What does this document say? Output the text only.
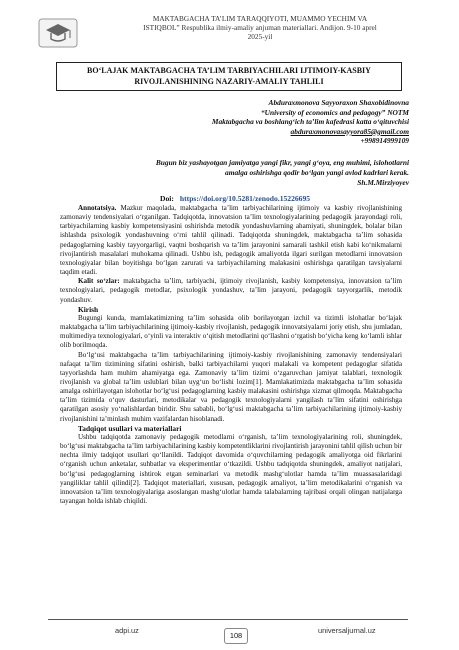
MAKTABGACHA TA’LIM TARAQQIYOTI, MUAMMO YECHIM VA
ISTIQBOL” Respublika ilmiy-amaliy anjuman materiallari. Andijon. 9-10 aprel
2025-yil
BO‘LAJAK MAKTABGACHA TA’LIM TARBIYACHILARI IJTIMOIY-KASBIY
RIVOJLANISHINING NAZARIY-AMALIY TAHLILI
Abduraxmonova Sayyoraxon Shaxobidinovna
“University of economics and pedagogy” NOTM
Maktabgacha va boshlang‘ich ta’lim kafedrasi katta o‘qituvchisi
abduraxmonovasayyora85@gmail.com
+998914999109
Bugun biz yashayotgan jamiyatga yangi fikr, yangi g‘oya, eng muhimi, islohotlarni
amalga oshirishga qodir bo‘lgan yangi avlod kadrlari kerak.
Sh.M.Mirziyoyev
Doi: https://doi.org/10.5281/zenodo.15226695

Annotatsiya. Mazkur maqolada, maktabgacha ta’lim tarbiyachilarining ijtimoiy va kasbiy rivojlanishining zamonaviy tendensiyalari o‘rganilgan. Tadqiqotda, innovatsion ta’lim texnologiyalarining pedagogik jarayondagi roli, tarbiyachilarning kasbiy kompetensiyasini oshirishda metodik yondashuvlarning ahamiyati, shuningdek, bolalar bilan ishlashda psixologik yondashuvning o‘rni tahlil qilinadi. Tadqiqotda shuningdek, maktabgacha ta’lim sohasida pedagoglarning kasbiy tayyorgarligi, vaqtni boshqarish va ta’lim jarayonini samarali tashkil etish kabi ko‘nikmalarni rivojlantirish masalalari muhokama qilinadi. Ushbu ish, pedagogik amaliyotda ilgari surilgan metodlarni innovatsion texnologiyalar bilan boyitishga bo‘lgan zarurati va tarbiyachilarning malakasini oshirishga qaratilgan tavsiyalarni taqdim etadi.

Kalit so‘zlar: maktabgacha ta’lim, tarbiyachi, ijtimoiy rivojlanish, kasbiy kompetensiya, innovatsion ta’lim texnologiyalari, pedagogik metodlar, psixologik yondashuv, ta’lim jarayoni, pedagogik tayyorgarlik, metodik yondashuv.

Kirish

Bugungi kunda, mamlakatimizning ta’lim sohasida olib borilayotgan izchil va tizimli islohatlar bo‘lajak maktabgacha ta’lim tarbiyachilarining ijtimoiy-kasbiy rivojlanish, pedagogik innovatsiyalarni joriy etish, shu jumladan, multimediya texnologiyalari, o‘yinli va interaktiv o‘qitish metodlarini qo‘llashni o‘rgatish bo‘yicha keng ko‘lamli ishlar olib borilmoqda.

Bo‘lg‘usi maktabgacha ta’lim tarbiyachilarining ijtimoiy-kasbiy rivojlanishining zamonaviy tendensiyalari nafaqat ta’lim tizimining sifatini oshirish, balki tarbiyachilarni yuqori malakali va kompetent pedagoglar sifatida tayyorlashda ham muhim ahamiyatga ega. Zamonaviy ta’lim tizimi o‘zgaruvchan jamiyat talablari, texnologik rivojlanish va global ta’lim uslublari bilan uyg‘un bo‘lishi lozim[1]. Mamlakatimizda maktabgacha ta’lim sohasida amalga oshirilayotgan islohotlar bo‘lg‘usi pedagoglarning kasbiy malakasini oshirishga xizmat qilmoqda. Maktabgacha ta’lim tizimida o‘quv dasturlari, metodikalar va pedagogik texnologiyalarni yangilash ta’lim sifatini oshirishga qaratilgan asosiy yo‘nalishlardan biridir. Shu sababli, bo‘lg‘usi maktabgacha ta’lim tarbiyachilarining ijtimoiy-kasbiy rivojlanishini ta’minlash muhim vazifalardan hisoblanadi.

Tadqiqot usullari va materiallari

Ushbu tadqiqotda zamonaviy pedagogik metodlarni o‘rganish, ta’lim texnologiyalarining roli, shuningdek, bo‘lg‘usi maktabgacha ta’lim tarbiyachilarining kasbiy kompetentliklarini rivojlantirish jarayonini tahlil qilish uchun bir nechta ilmiy tadqiqot usullari qo‘llanildi. Tadqiqot davomida o‘quvchilarning pedagogik amaliyotga oid fikrlarini o‘rganish uchun anketalar, suhbatlar va eksperimentlar o‘tkazildi. Ushbu tadqiqotda shuningdek, amaliyot natijalari, bo‘lg‘usi pedagoglarning ishtirok etgan seminarlari va metodik mashg‘ulotlar hamda ta’lim muassasalaridagi yangiliklar tahlil qilindi[2]. Tadqiqot materiallari, xususan, pedagogik amaliyot, ta’lim metodikalarini o‘rganish va innovatsion ta’lim texnologiyalariga asoslangan mashg‘ulotlar hamda talabalarning tajribasi orqali olingan natijalarga tayangan holda ishlab chiqildi.

adpi.uz
108
universaljurnal.uz
